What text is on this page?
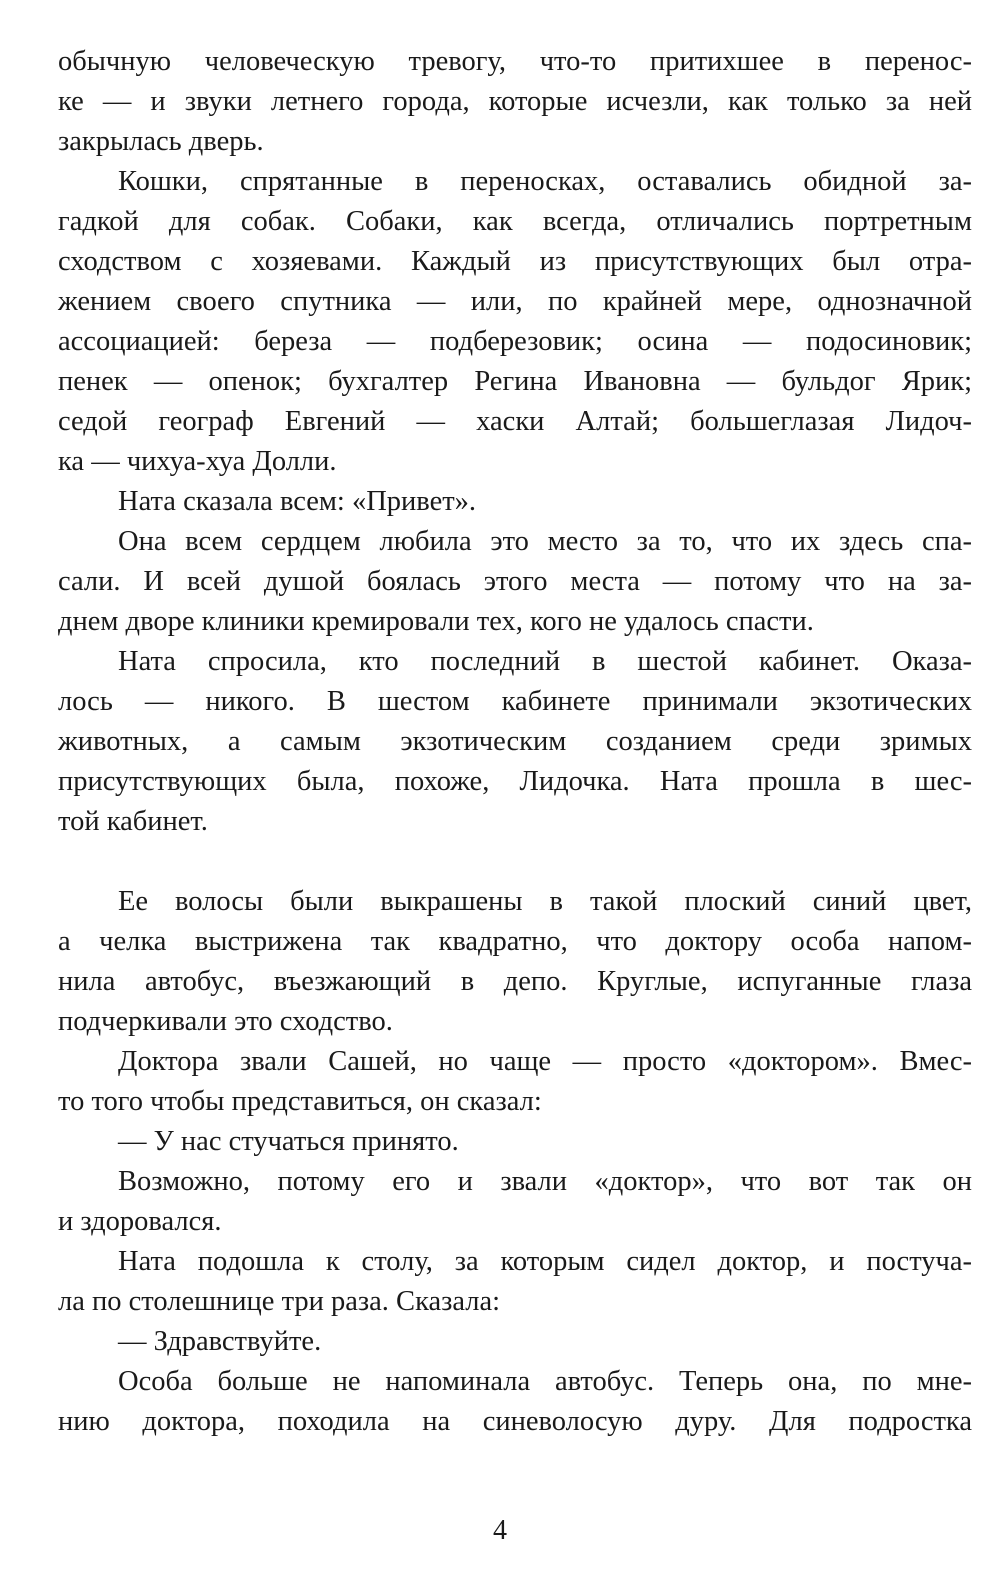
обычную человеческую тревогу, что-то притихшее в перенос-
ке — и звуки летнего города, которые исчезли, как только за ней
закрылась дверь.
Кошки, спрятанные в переносках, оставались обидной за-
гадкой для собак. Собаки, как всегда, отличались портретным
сходством с хозяевами. Каждый из присутствующих был отра-
жением своего спутника — или, по крайней мере, однозначной
ассоциацией: береза — подберезовик; осина — подосиновик;
пенек — опенок; бухгалтер Регина Ивановна — бульдог Ярик;
седой географ Евгений — хаски Алтай; большеглазая Лидоч-
ка — чихуа-хуа Долли.
Ната сказала всем: «Привет».
Она всем сердцем любила это место за то, что их здесь спа-
сали. И всей душой боялась этого места — потому что на за-
днем дворе клиники кремировали тех, кого не удалось спасти.
Ната спросила, кто последний в шестой кабинет. Оказа-
лось — никого. В шестом кабинете принимали экзотических
животных, а самым экзотическим созданием среди зримых
присутствующих была, похоже, Лидочка. Ната прошла в шес-
той кабинет.
Ее волосы были выкрашены в такой плоский синий цвет,
а челка выстрижена так квадратно, что доктору особа напом-
нила автобус, въезжающий в депо. Круглые, испуганные глаза
подчеркивали это сходство.
Доктора звали Сашей, но чаще — просто «доктором». Вмес-
то того чтобы представиться, он сказал:
— У нас стучаться принято.
Возможно, потому его и звали «доктор», что вот так он
и здоровался.
Ната подошла к столу, за которым сидел доктор, и постуча-
ла по столешнице три раза. Сказала:
— Здравствуйте.
Особа больше не напоминала автобус. Теперь она, по мне-
нию доктора, походила на синеволосую дуру. Для подростка
4
